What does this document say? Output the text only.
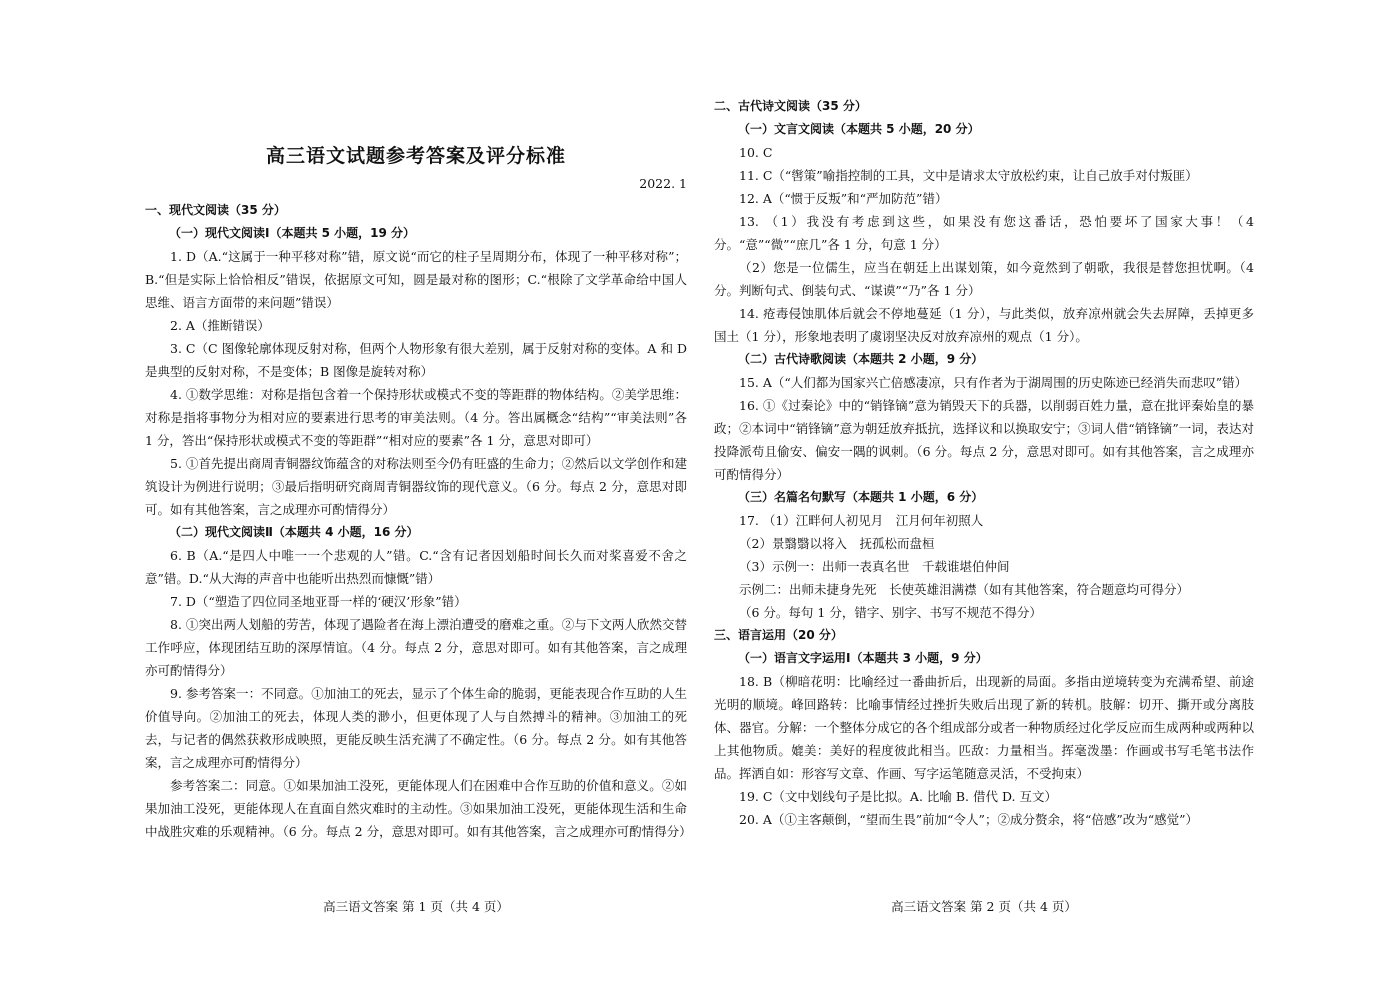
高三语文试题参考答案及评分标准
2022. 1

一、现代文阅读（35 分）

（一）现代文阅读Ⅰ（本题共 5 小题，19 分）

1. D（A.“这属于一种平移对称”错，原文说“而它的柱子呈周期分布，体现了一种平移对称”；B.“但是实际上恰恰相反”错误，依据原文可知，圆是最对称的图形；C.“根除了文学革命给中国人思维、语言方面带的来问题”错误）

2. A（推断错误）

3. C（C 图像轮廓体现反射对称，但两个人物形象有很大差别，属于反射对称的变体。A 和 D 是典型的反射对称，不是变体；B 图像是旋转对称）

4. ①数学思维：对称是指包含着一个保持形状或模式不变的等距群的物体结构。②美学思维：对称是指将事物分为相对应的要素进行思考的审美法则。（4 分。答出属概念“结构”“审美法则”各 1 分，答出“保持形状或模式不变的等距群”“相对应的要素”各 1 分，意思对即可）

5. ①首先提出商周青铜器纹饰蕴含的对称法则至今仍有旺盛的生命力；②然后以文学创作和建筑设计为例进行说明；③最后指明研究商周青铜器纹饰的现代意义。（6 分。每点 2 分，意思对即可。如有其他答案，言之成理亦可酌情得分）

（二）现代文阅读Ⅱ（本题共 4 小题，16 分）

6. B（A.“是四人中唯一一个悲观的人”错。C.“含有记者因划船时间长久而对桨喜爱不舍之意”错。D.“从大海的声音中也能听出热烈而慷慨”错）

7. D（“塑造了四位同圣地亚哥一样的‘硬汉’形象”错）

8. ①突出两人划船的劳苦，体现了遇险者在海上漂泊遭受的磨难之重。②与下文两人欣然交替工作呼应，体现团结互助的深厚情谊。（4 分。每点 2 分，意思对即可。如有其他答案，言之成理亦可酌情得分）

9. 参考答案一：不同意。①加油工的死去，显示了个体生命的脆弱，更能表现合作互助的人生价值导向。②加油工的死去，体现人类的渺小，但更体现了人与自然搏斗的精神。③加油工的死去，与记者的偶然获救形成映照，更能反映生活充满了不确定性。（6 分。每点 2 分。如有其他答案，言之成理亦可酌情得分）

参考答案二：同意。①如果加油工没死，更能体现人们在困难中合作互助的价值和意义。②如果加油工没死，更能体现人在直面自然灾难时的主动性。③如果加油工没死，更能体现生活和生命中战胜灾难的乐观精神。（6 分。每点 2 分，意思对即可。如有其他答案，言之成理亦可酌情得分）

高三语文答案 第 1 页（共 4 页）

二、古代诗文阅读（35 分）

（一）文言文阅读（本题共 5 小题，20 分）

10. C

11. C（“辔策”喻指控制的工具，文中是请求太守放松约束，让自己放手对付叛匪）

12. A（“惯于反叛”和“严加防范”错）

13. （1）我没有考虑到这些，如果没有您这番话，恐怕要坏了国家大事！（4 分。“意”“微”“庶几”各 1 分，句意 1 分）

（2）您是一位儒生，应当在朝廷上出谋划策，如今竟然到了朝歌，我很是替您担忧啊。（4 分。判断句式、倒装句式、“谋谟”“乃”各 1 分）

14. 疮毒侵蚀肌体后就会不停地蔓延（1 分），与此类似，放弃凉州就会失去屏障，丢掉更多国土（1 分），形象地表明了虞诩坚决反对放弃凉州的观点（1 分）。

（二）古代诗歌阅读（本题共 2 小题，9 分）

15. A（“人们都为国家兴亡倍感凄凉，只有作者为于湖周围的历史陈迹已经消失而悲叹”错）

16. ①《过秦论》中的“销锋镝”意为销毁天下的兵器，以削弱百姓力量，意在批评秦始皇的暴政；②本词中“销锋镝”意为朝廷放弃抵抗，选择议和以换取安宁；③词人借“销锋镝”一词，表达对投降派苟且偷安、偏安一隅的讽刺。（6 分。每点 2 分，意思对即可。如有其他答案，言之成理亦可酌情得分）

（三）名篇名句默写（本题共 1 小题，6 分）

17. （1）江畔何人初见月　江月何年初照人

（2）景翳翳以将入　抚孤松而盘桓

（3）示例一：出师一表真名世　千载谁堪伯仲间

示例二：出师未捷身先死　长使英雄泪满襟（如有其他答案，符合题意均可得分）

（6 分。每句 1 分，错字、别字、书写不规范不得分）

三、语言运用（20 分）

（一）语言文字运用Ⅰ（本题共 3 小题，9 分）

18. B（柳暗花明：比喻经过一番曲折后，出现新的局面。多指由逆境转变为充满希望、前途光明的顺境。峰回路转：比喻事情经过挫折失败后出现了新的转机。肢解：切开、撕开或分离肢体、器官。分解：一个整体分成它的各个组成部分或者一种物质经过化学反应而生成两种或两种以上其他物质。媲美：美好的程度彼此相当。匹敌：力量相当。挥毫泼墨：作画或书写毛笔书法作品。挥洒自如：形容写文章、作画、写字运笔随意灵活，不受拘束）

19. C（文中划线句子是比拟。A. 比喻 B. 借代 D. 互文）

20. A（①主客颠倒，“望而生畏”前加“令人”；②成分赘余，将“倍感”改为“感觉”）

高三语文答案 第 2 页（共 4 页）
